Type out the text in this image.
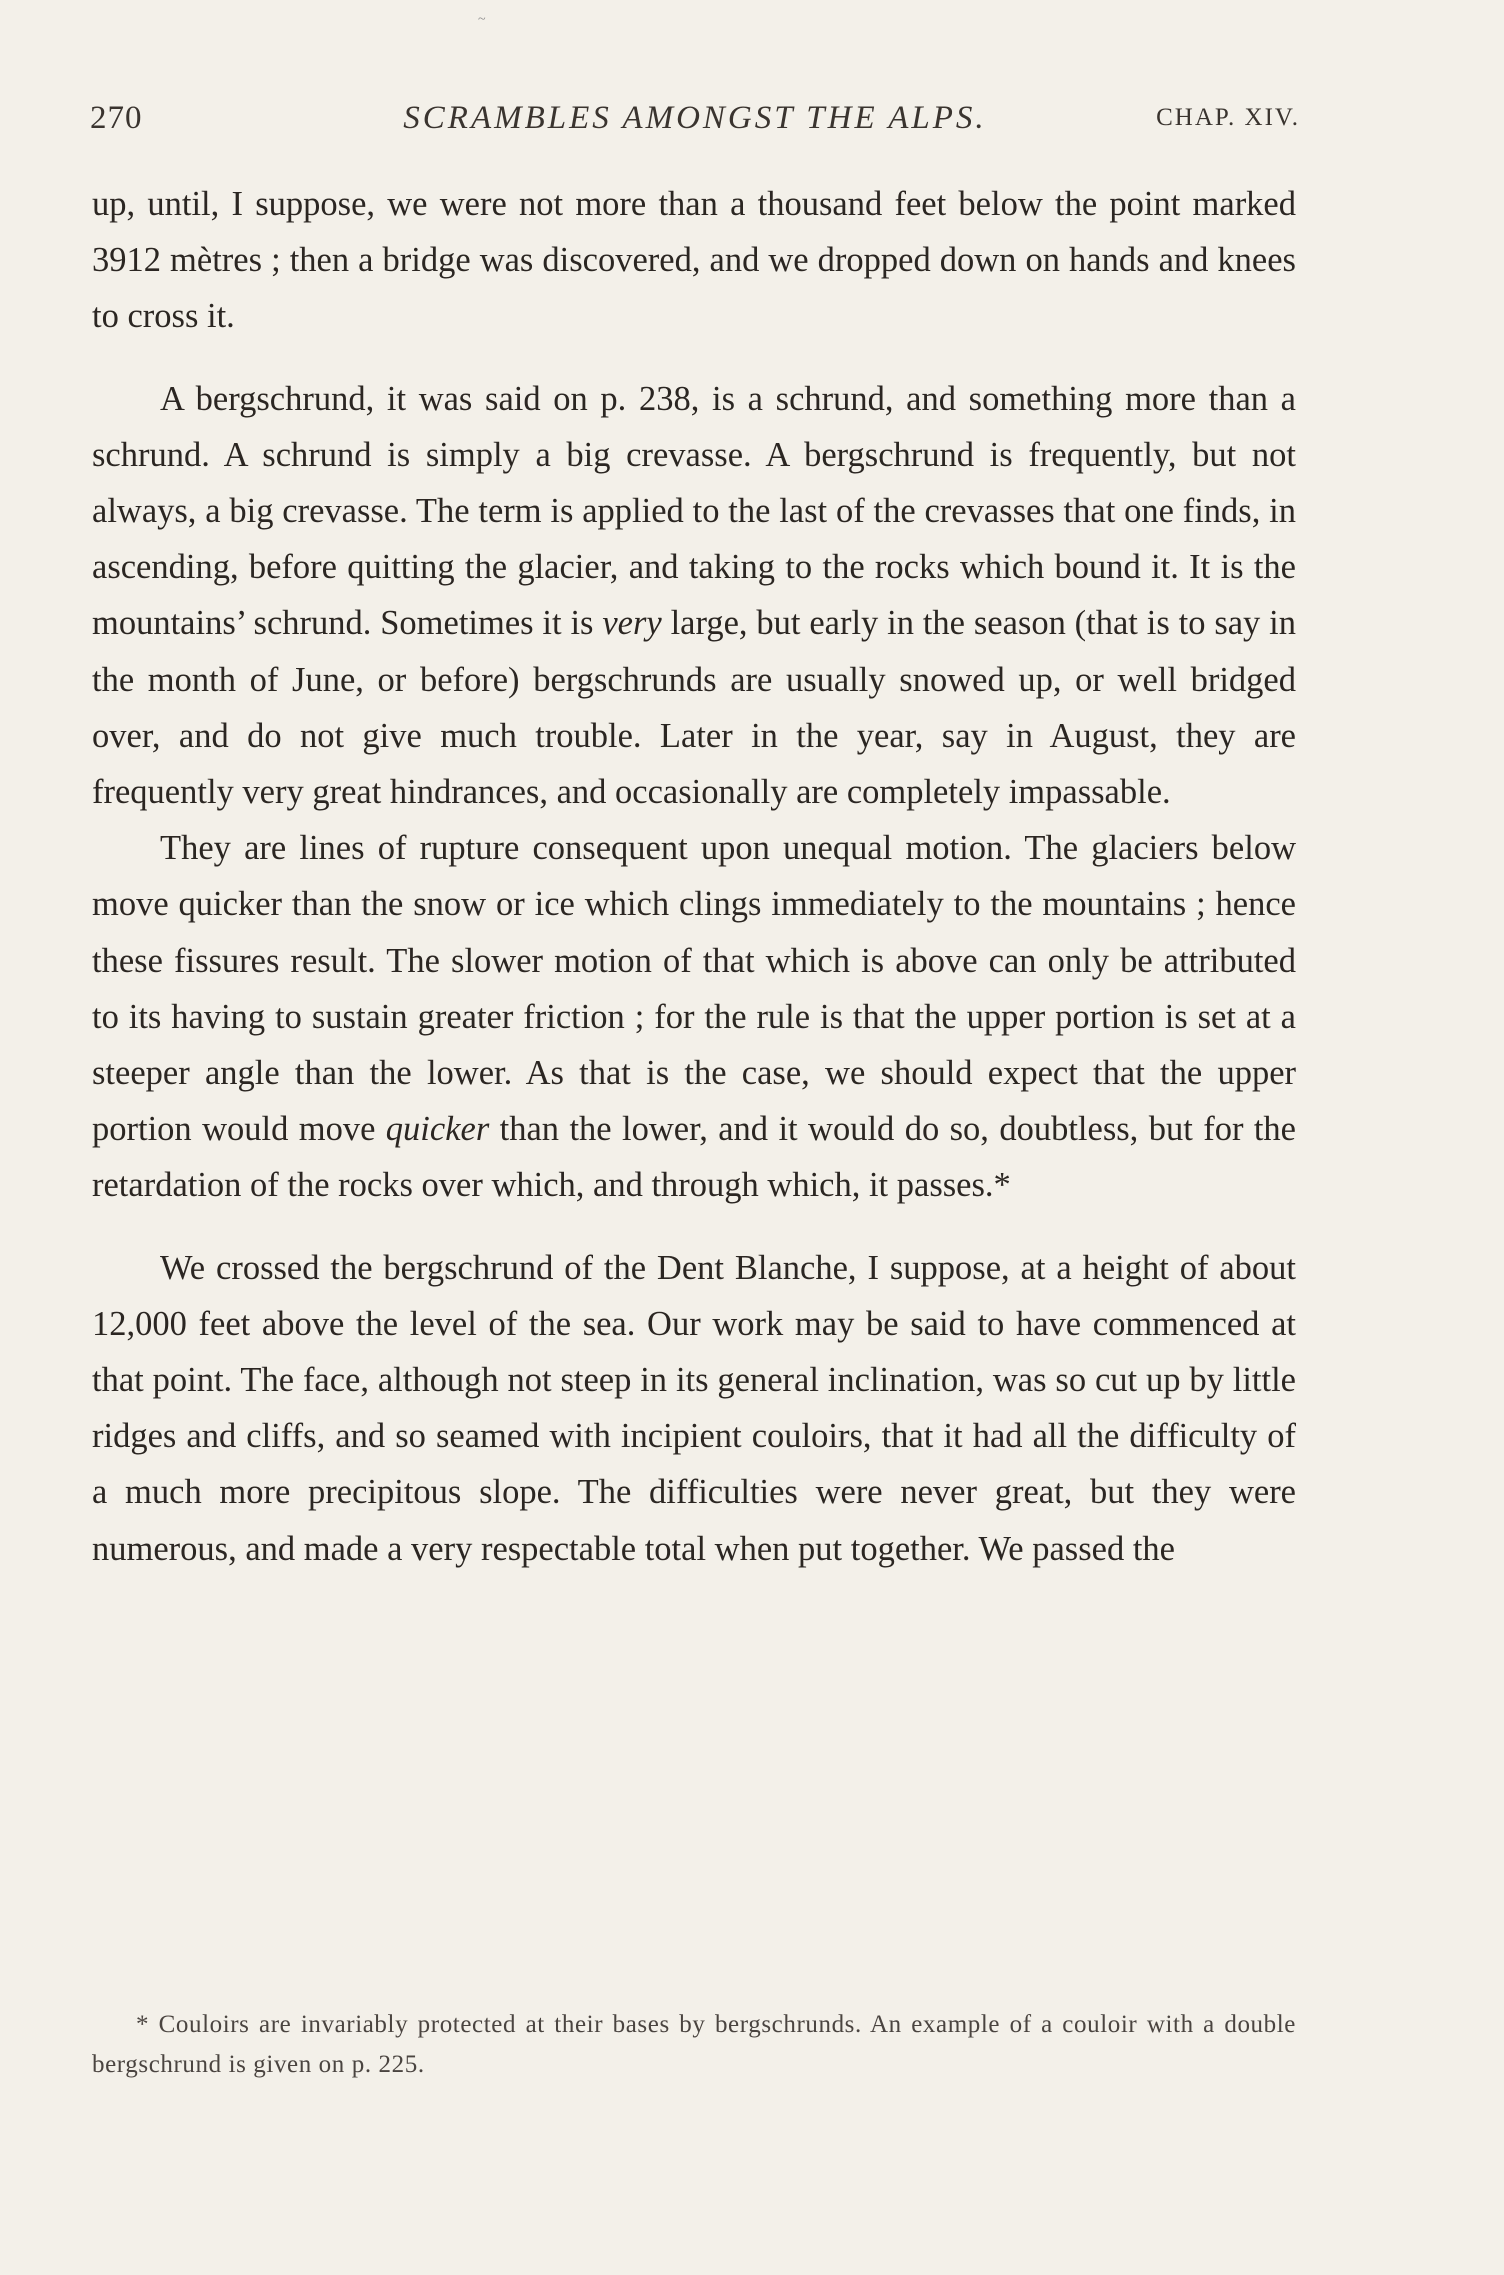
~
270	SCRAMBLES AMONGST THE ALPS.	CHAP. XIV.

up, until, I suppose, we were not more than a thousand feet below the point marked 3912 mètres ; then a bridge was discovered, and we dropped down on hands and knees to cross it.

A bergschrund, it was said on p. 238, is a schrund, and something more than a schrund. A schrund is simply a big crevasse. A bergschrund is frequently, but not always, a big crevasse. The term is applied to the last of the crevasses that one finds, in ascending, before quitting the glacier, and taking to the rocks which bound it. It is the mountains’ schrund. Sometimes it is very large, but early in the season (that is to say in the month of June, or before) bergschrunds are usually snowed up, or well bridged over, and do not give much trouble. Later in the year, say in August, they are frequently very great hindrances, and occasionally are completely impassable.

They are lines of rupture consequent upon unequal motion. The glaciers below move quicker than the snow or ice which clings immediately to the mountains ; hence these fissures result. The slower motion of that which is above can only be attributed to its having to sustain greater friction ; for the rule is that the upper portion is set at a steeper angle than the lower. As that is the case, we should expect that the upper portion would move quicker than the lower, and it would do so, doubtless, but for the retardation of the rocks over which, and through which, it passes.*

We crossed the bergschrund of the Dent Blanche, I suppose, at a height of about 12,000 feet above the level of the sea. Our work may be said to have commenced at that point. The face, although not steep in its general inclination, was so cut up by little ridges and cliffs, and so seamed with incipient couloirs, that it had all the difficulty of a much more precipitous slope. The difficulties were never great, but they were numerous, and made a very respectable total when put together. We passed the

* Couloirs are invariably protected at their bases by bergschrunds. An example of a couloir with a double bergschrund is given on p. 225.
